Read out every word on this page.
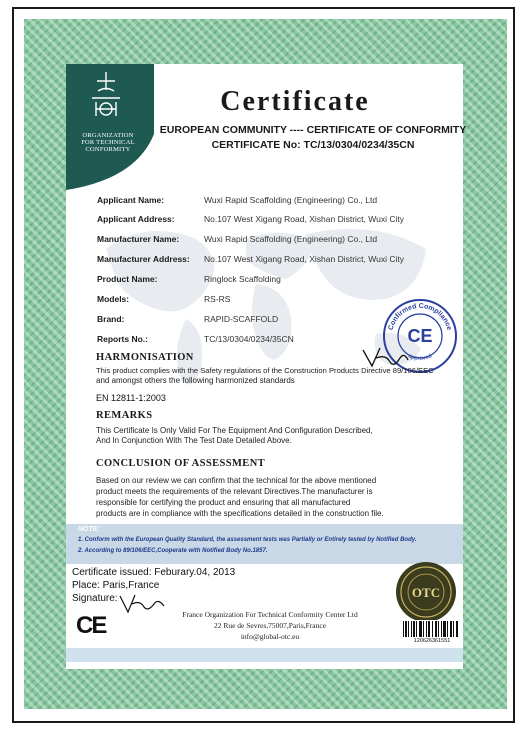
ORGANIZATION
FOR TECHNICAL
CONFORMITY
Certificate
EUROPEAN COMMUNITY ---- CERTIFICATE OF CONFORMITY
CERTIFICATE No: TC/13/0304/0234/35CN
Applicant Name:	Wuxi Rapid Scaffolding (Engineering) Co., Ltd
Applicant Address:	No.107 West Xigang Road, Xishan District, Wuxi City
Manufacturer Name:	Wuxi Rapid Scaffolding (Engineering) Co., Ltd
Manufacturer Address:	No.107 West Xigang Road, Xishan District, Wuxi City
Product Name:	Ringlock Scaffolding
Models:	RS-RS
Brand:	RAPID-SCAFFOLD
Reports No.:	TC/13/0304/0234/35CN
Confirmed Compliance
CE
approved
HARMONISATION
This product complies with the Safety regulations of the Construction Products Directive 89/106/EEC
and amongst others the following harmonized standards
EN 12811-1:2003
REMARKS
This Certificate Is Only Valid For The Equipment And Configuration Described,
And In Conjunction With The Test Date Detailed Above.
CONCLUSION OF ASSESSMENT
Based on our review we can confirm that the technical for the above mentioned
product meets the requirements of the relevant Directives.The manufacturer is
responsible for certifying the product and ensuring that all manufactured
products are in compliance with the specifications detailed in the construction file.
NOTE:
1. Conform with the European Quality Standard, the assessment tests was Partially or Entirely tested by Notified Body.
2. According to 89/106/EEC,Cooperate with Notified Body No.1857.
Certificate issued: Feburary.04, 2013
Place: Paris,France
Signature:
CE	France Organization For Technical Conformity Center Ltd
22 Rue de Sevres,75007,Paris,France
info@global-otc.eu
OTC
120626361551
